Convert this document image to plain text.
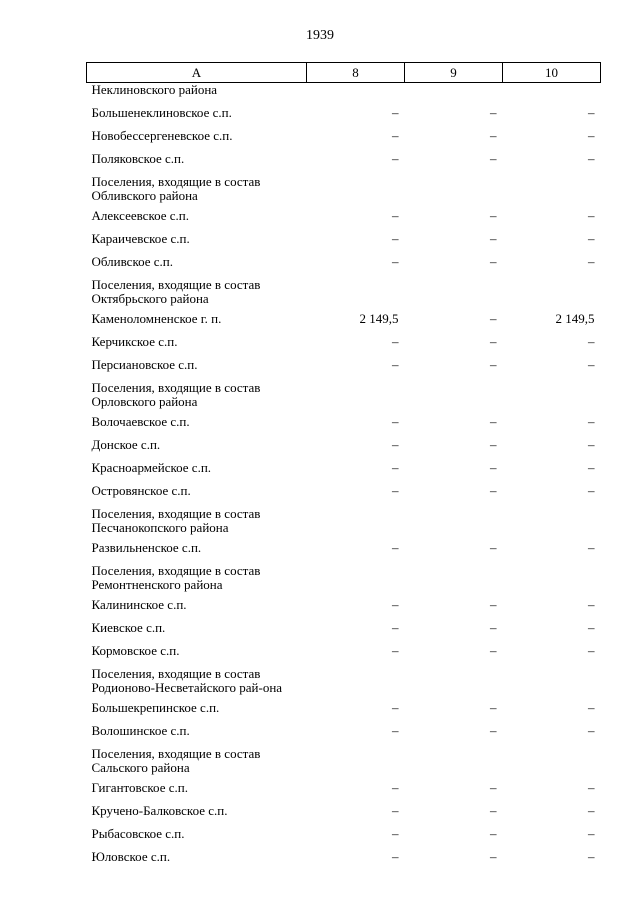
1939
А	8	9	10
Неклиновского района			
Большенеклиновское с.п.	–	–	–
Новобессергеневское с.п.	–	–	–
Поляковское с.п.	–	–	–
Поселения, входящие в состав Обливского района			
Алексеевское с.п.	–	–	–
Караичевское с.п.	–	–	–
Обливское с.п.	–	–	–
Поселения, входящие в состав Октябрьского района			
Каменоломненское г. п.	2 149,5	–	2 149,5
Керчикское с.п.	–	–	–
Персиановское с.п.	–	–	–
Поселения, входящие в состав Орловского района			
Волочаевское с.п.	–	–	–
Донское с.п.	–	–	–
Красноармейское с.п.	–	–	–
Островянское с.п.	–	–	–
Поселения, входящие в состав Песчанокопского района			
Развильненское с.п.	–	–	–
Поселения, входящие в состав Ремонтненского района			
Калининское с.п.	–	–	–
Киевское с.п.	–	–	–
Кормовское с.п.	–	–	–
Поселения, входящие в состав Родионово-Несветайского рай-она			
Большекрепинское с.п.	–	–	–
Волошинское с.п.	–	–	–
Поселения, входящие в состав Сальского района			
Гигантовское с.п.	–	–	–
Кручено-Балковское с.п.	–	–	–
Рыбасовское с.п.	–	–	–
Юловское с.п.	–	–	–
